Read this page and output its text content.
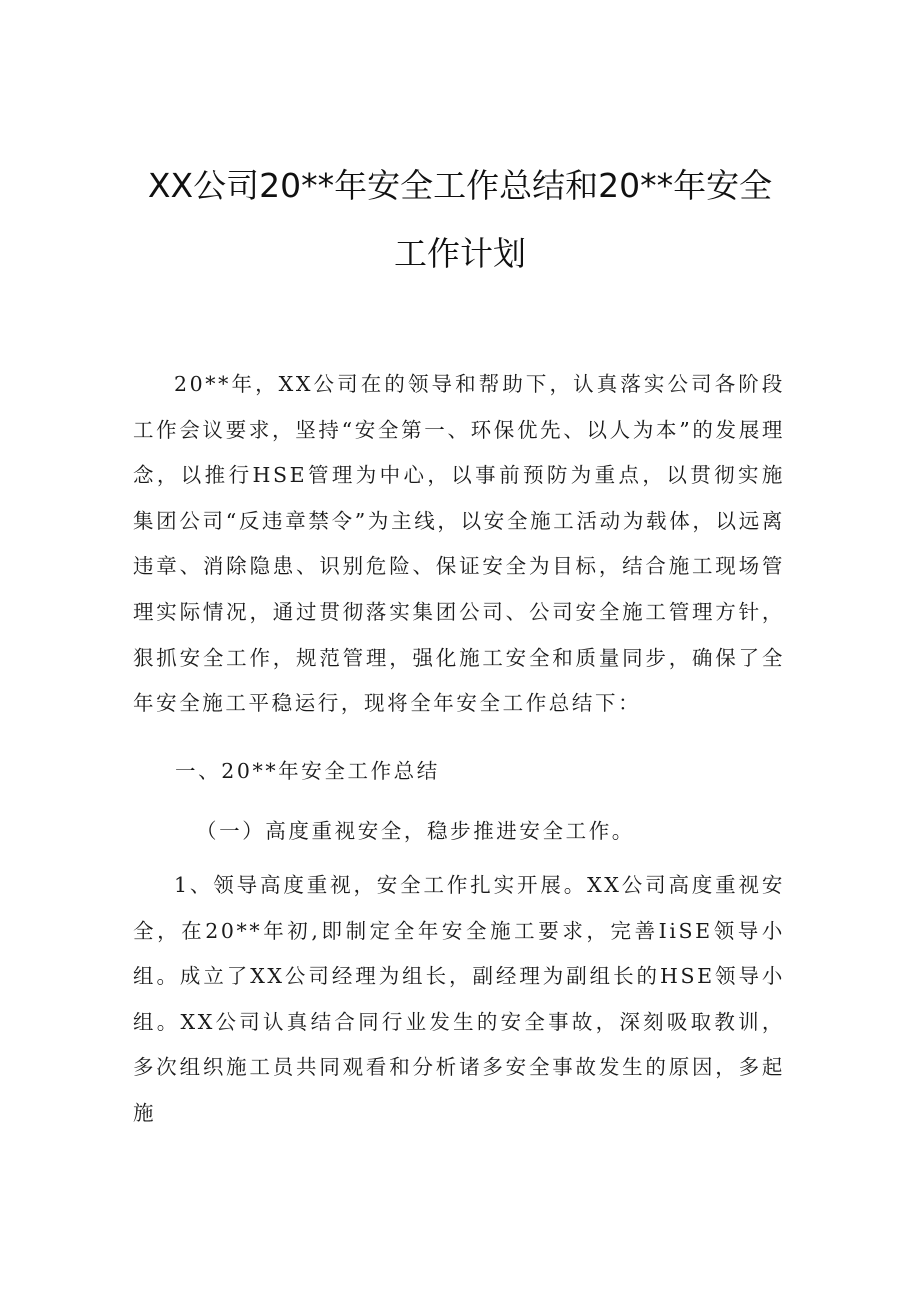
XX公司20**年安全工作总结和20**年安全
工作计划

20**年，XX公司在的领导和帮助下，认真落实公司各阶段工作会议要求，坚持“安全第一、环保优先、以人为本”的发展理念，以推行HSE管理为中心，以事前预防为重点，以贯彻实施集团公司“反违章禁令”为主线，以安全施工活动为载体，以远离违章、消除隐患、识别危险、保证安全为目标，结合施工现场管理实际情况，通过贯彻落实集团公司、公司安全施工管理方针，狠抓安全工作，规范管理，强化施工安全和质量同步，确保了全年安全施工平稳运行，现将全年安全工作总结下：

一、20**年安全工作总结

（一）高度重视安全，稳步推进安全工作。

1、领导高度重视，安全工作扎实开展。XX公司高度重视安全，在20**年初,即制定全年安全施工要求，完善IiSE领导小组。成立了XX公司经理为组长，副经理为副组长的HSE领导小组。XX公司认真结合同行业发生的安全事故，深刻吸取教训，多次组织施工员共同观看和分析诸多安全事故发生的原因，多起施
